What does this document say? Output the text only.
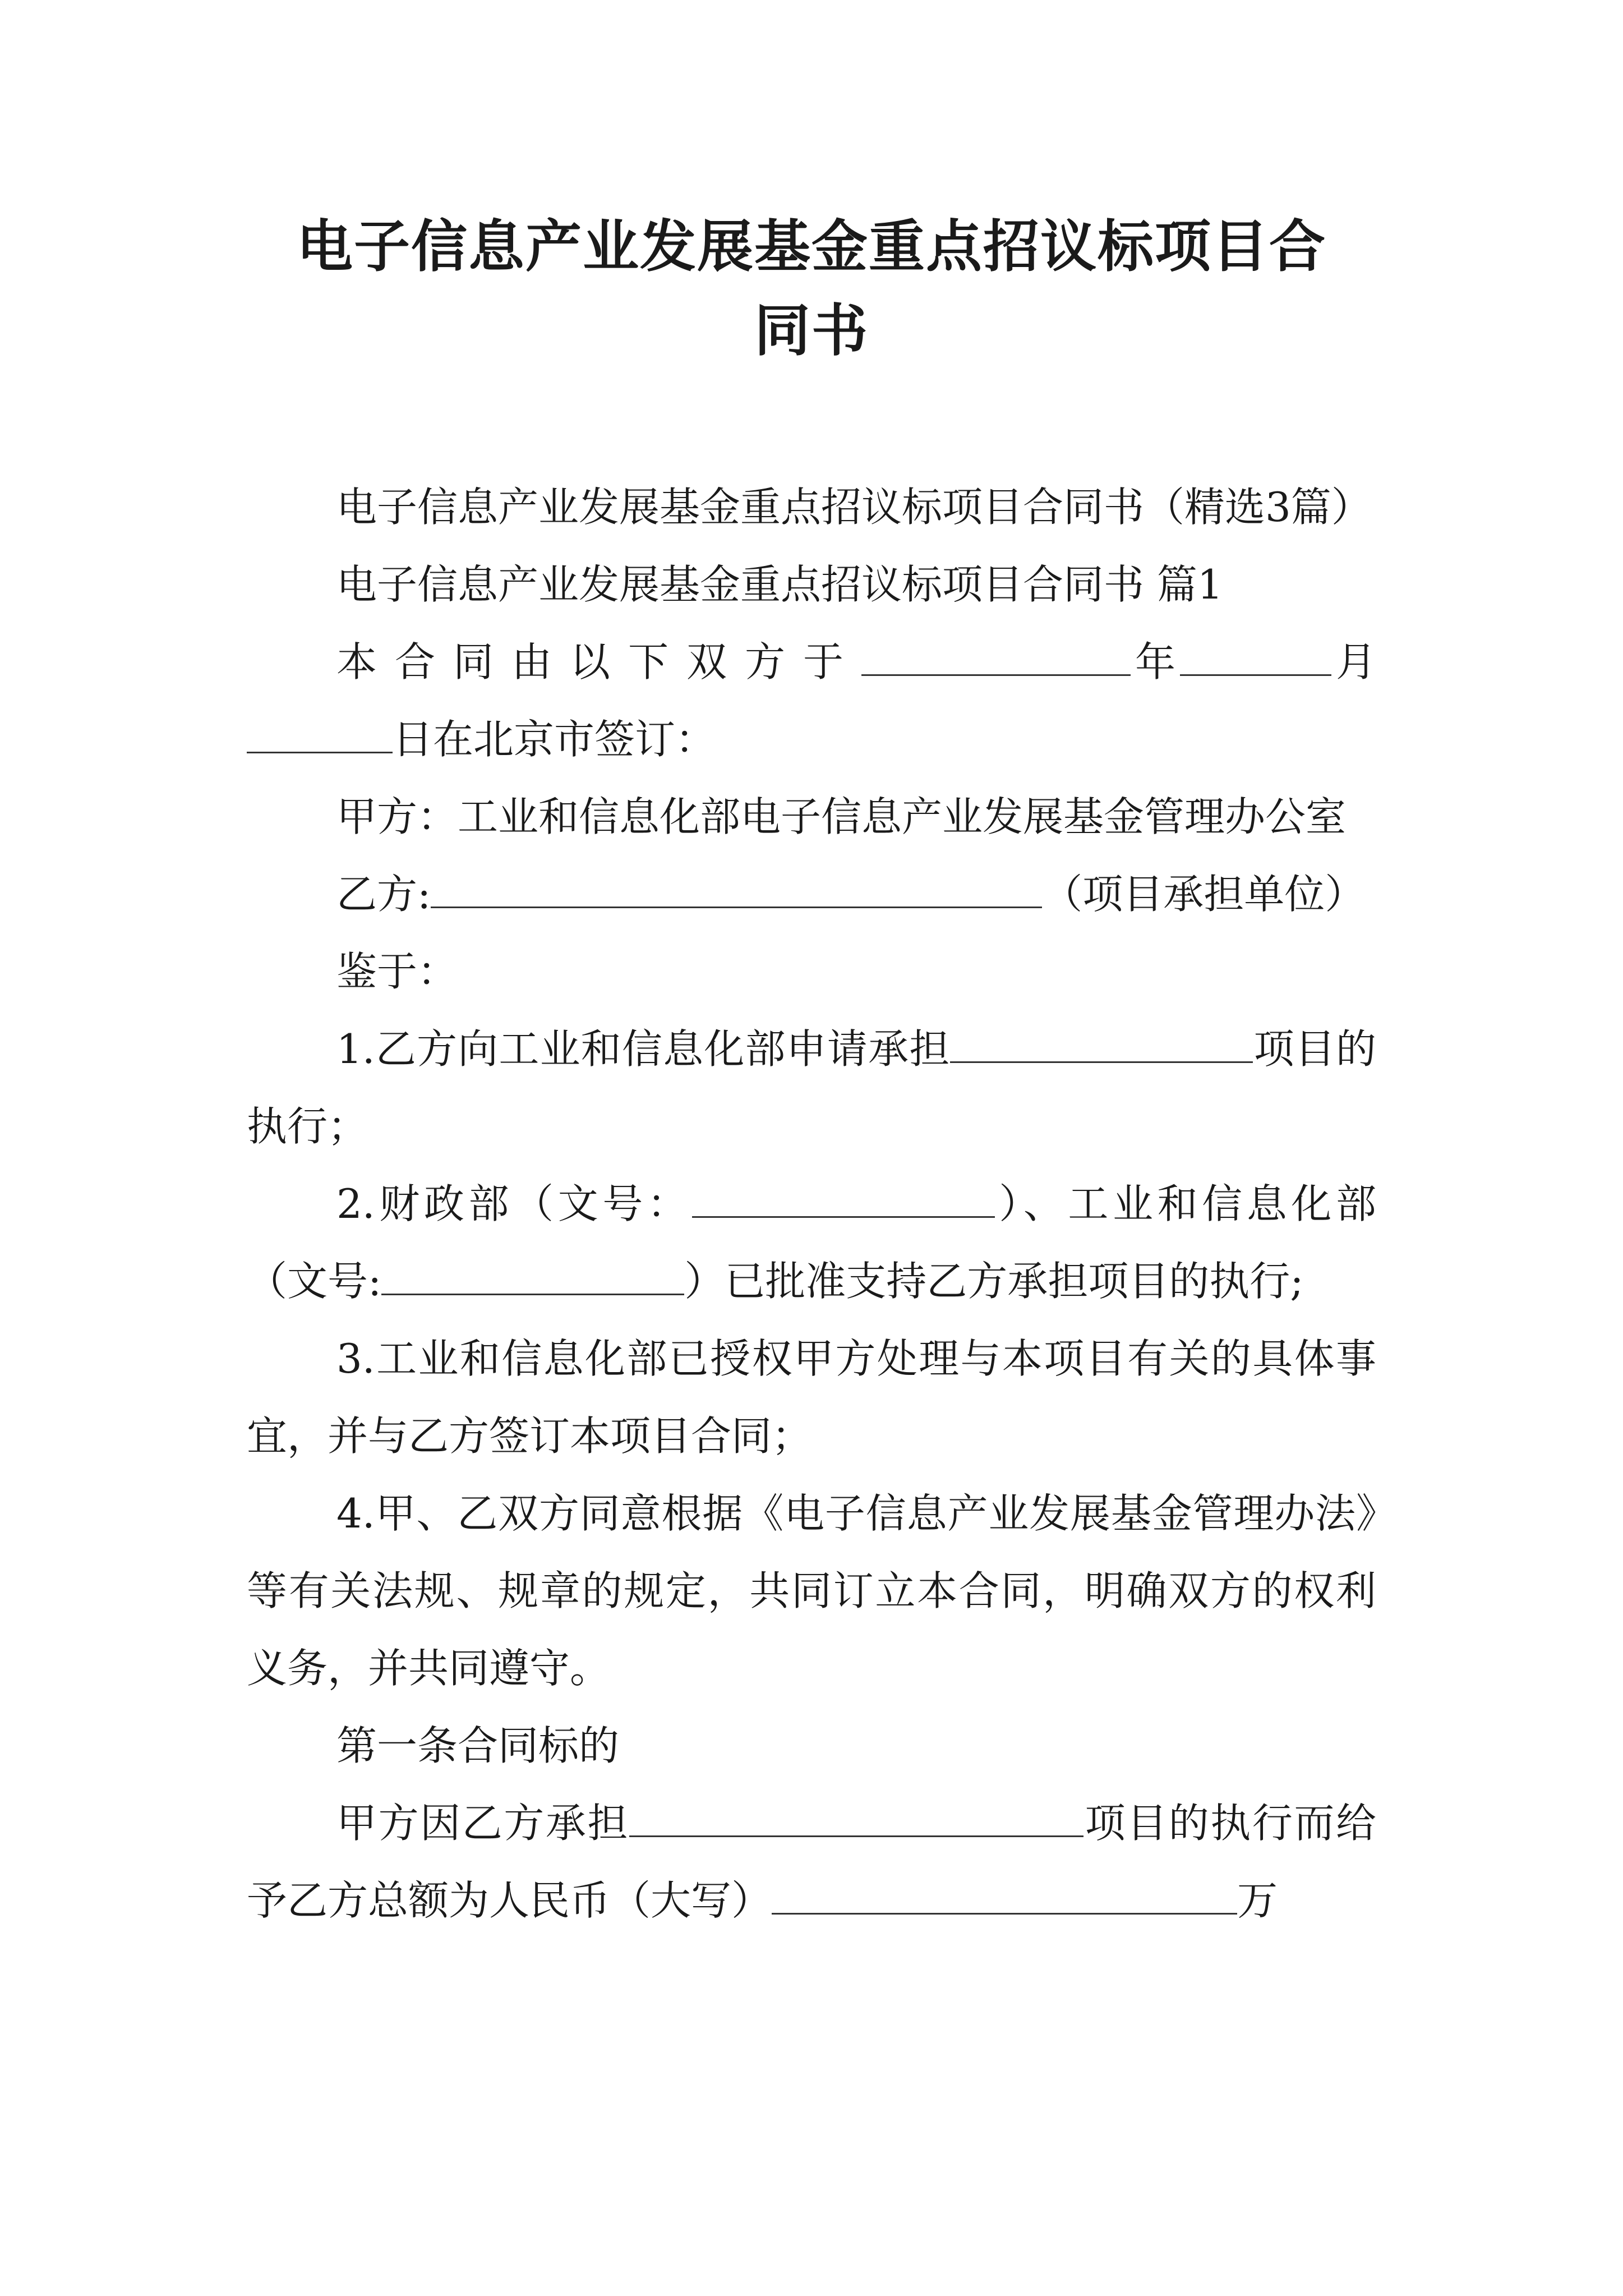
电子信息产业发展基金重点招议标项目合
同书

电子信息产业发展基金重点招议标项目合同书（精选3篇）

电子信息产业发展基金重点招议标项目合同书 篇1

本合同由以下双方于	年	月日在北京市签订：

甲方：工业和信息化部电子信息产业发展基金管理办公室

乙方:	（项目承担单位）

鉴于：

1.乙方向工业和信息化部申请承担	项目的执行；

2.财政部（文号：	）、工业和信息化部（文号:	）已批准支持乙方承担项目的执行;

3.工业和信息化部已授权甲方处理与本项目有关的具体事宜，并与乙方签订本项目合同；

4.甲、乙双方同意根据《电子信息产业发展基金管理办法》等有关法规、规章的规定，共同订立本合同，明确双方的权利义务，并共同遵守。

第一条合同标的

甲方因乙方承担	项目的执行而给予乙方总额为人民币（大写）	万
